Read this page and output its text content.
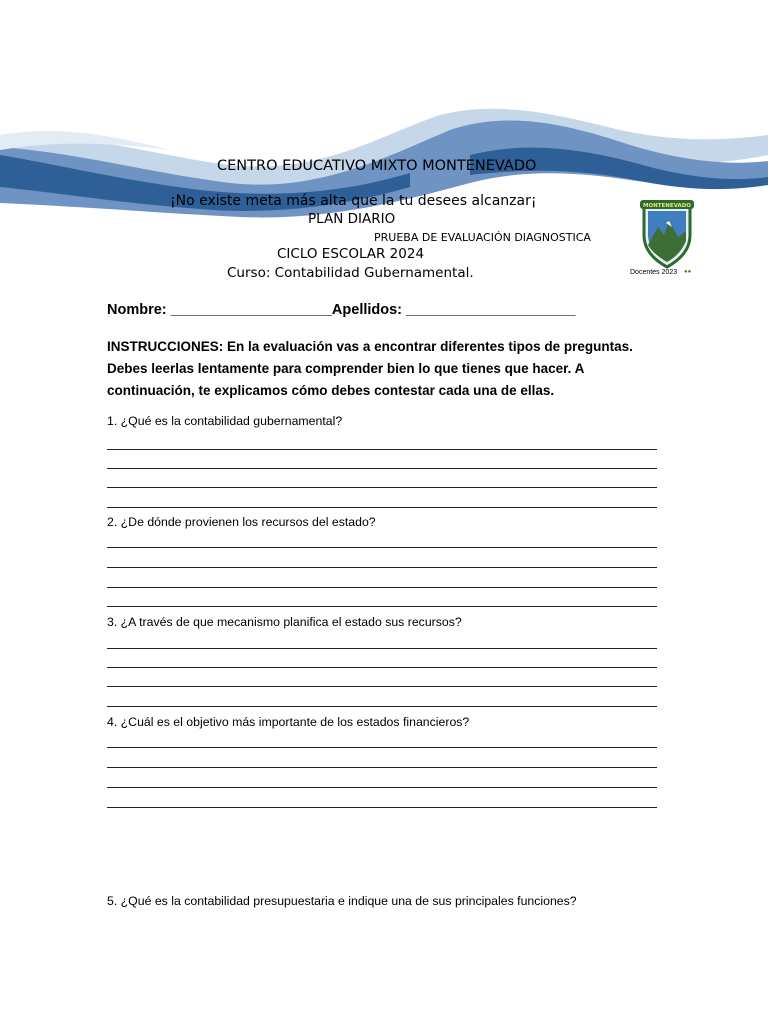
CENTRO EDUCATIVO MIXTO MONTENEVADO
¡No existe meta más alta que la tu desees alcanzar¡
PLAN DIARIO
PRUEBA DE EVALUACIÓN DIAGNOSTICA
CICLO ESCOLAR 2024
Curso: Contabilidad Gubernamental.
MONTENEVADO
Docentes 2023 ●●
Nombre: ____________________Apellidos: _____________________
INSTRUCCIONES: En la evaluación vas a encontrar diferentes tipos de preguntas. Debes leerlas lentamente para comprender bien lo que tienes que hacer. A continuación, te explicamos cómo debes contestar cada una de ellas.
1. ¿Qué es la contabilidad gubernamental?
2. ¿De dónde provienen los recursos del estado?
3. ¿A través de que mecanismo planifica el estado sus recursos?
4. ¿Cuál es el objetivo más importante de los estados financieros?
5. ¿Qué es la contabilidad presupuestaria e indique una de sus principales funciones?
